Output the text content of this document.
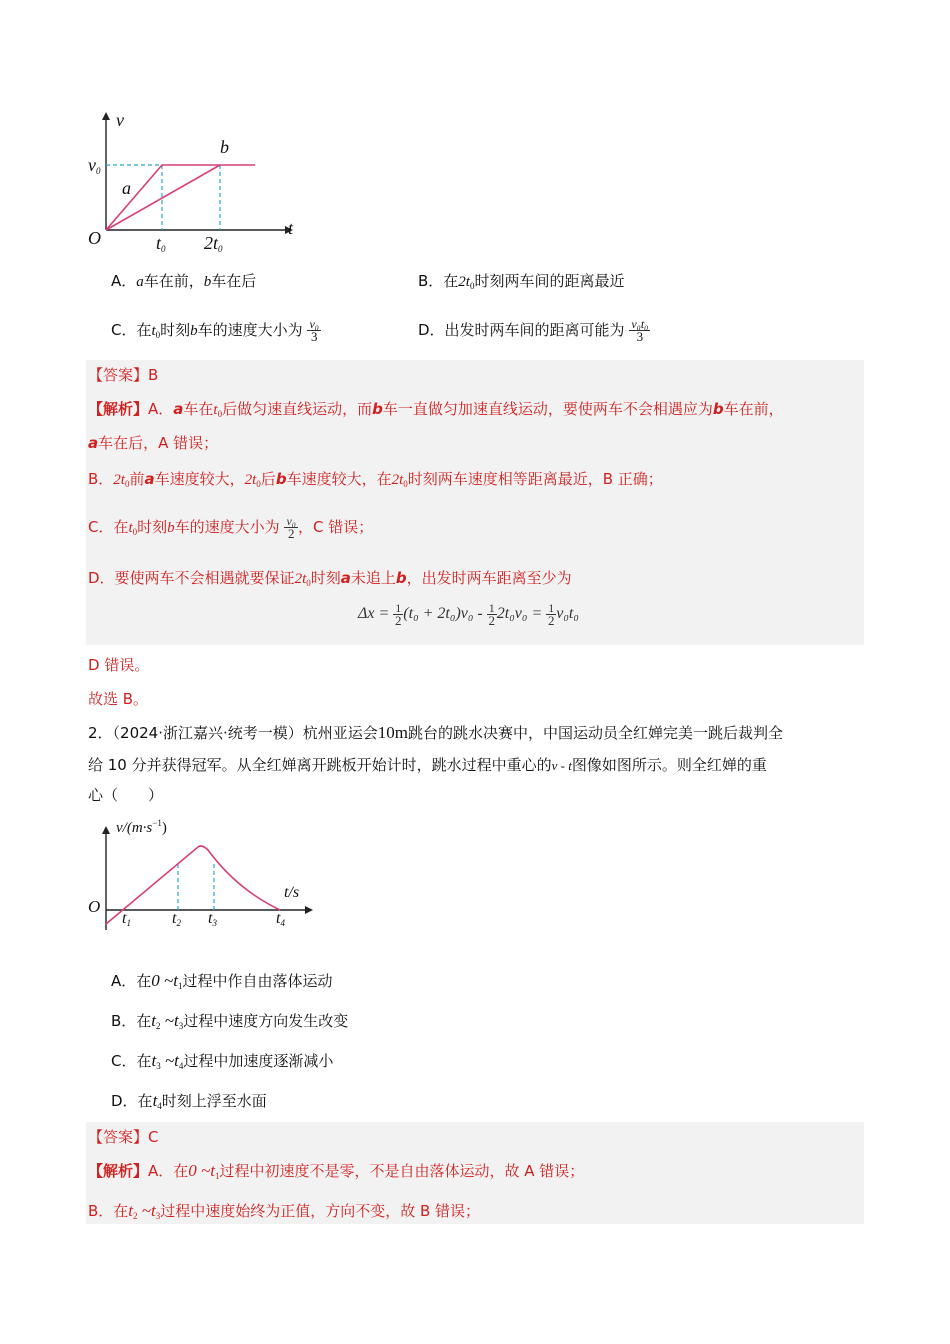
v
t
O
$v_0$
a
b
$t_0$ $2t_0$
A．a车在前，b车在后	B．在$2t_0$时刻两车间的距离最近
C．在$t_0$时刻b车的速度大小为 $\frac{\text{v₀}}{3}$	D．出发时两车间的距离可能为 $\frac{\text{v₀t₀}}{3}$
【答案】B
【解析】A．a车在$t_0$后做匀速直线运动，而b车一直做匀加速直线运动，要使两车不会相遇应为b车在前，
a车在后，A 错误；
B．$2t_0$前a车速度较大，$2t_0$后b车速度较大，在$2t_0$时刻两车速度相等距离最近，B 正确；
C．在$t_0$时刻b车的速度大小为 $\frac{\text{v₀}}{2}$ ，C 错误；
D．要使两车不会相遇就要保证$2t_0$时刻a未追上b，出发时两车距离至少为
$\Delta x = \frac{1}{2} (t_0 + 2t_0)v_0 - \frac{1}{2} 2t_0v_0 = \frac{1}{2} v_0t_0$
D 错误。
故选 B。
2．（2024·浙江嘉兴·统考一模）杭州亚运会10m跳台的跳水决赛中，中国运动员全红婵完美一跳后裁判全
给 10 分并获得冠军。从全红婵离开跳板开始计时，跳水过程中重心的v - t图像如图所示。则全红婵的重
心（　　）
$v/(m\cdot s^{-1})$
t/s
O
$t_1$	$t_2$ $t_3$	$t_4$
A．在0 $\sim t_1$过程中作自由落体运动
B．在$t_2$ $\sim t_3$过程中速度方向发生改变
C．在$t_3$ $\sim t_4$过程中加速度逐渐减小
D．在$t_4$时刻上浮至水面
【答案】C
【解析】A．在0 $\sim t_1$过程中初速度不是零，不是自由落体运动，故 A 错误；
B．在$t_2$ $\sim t_3$过程中速度始终为正值，方向不变，故 B 错误；
